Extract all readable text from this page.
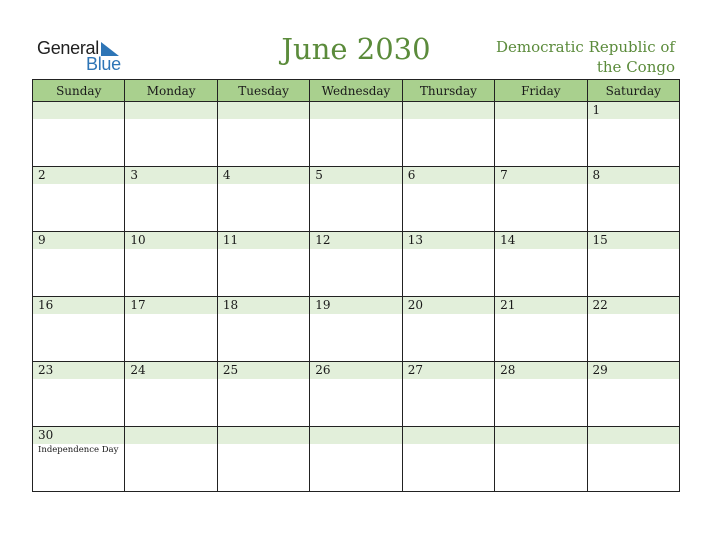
General
Blue	June 2030	Democratic Republic of
the Congo
Sunday	Monday	Tuesday	Wednesday	Thursday	Friday	Saturday

						1

2	3	4	5	6	7	8

9	10	11	12	13	14	15

16	17	18	19	20	21	22

23	24	25	26	27	28	29

30
Independence Day						
